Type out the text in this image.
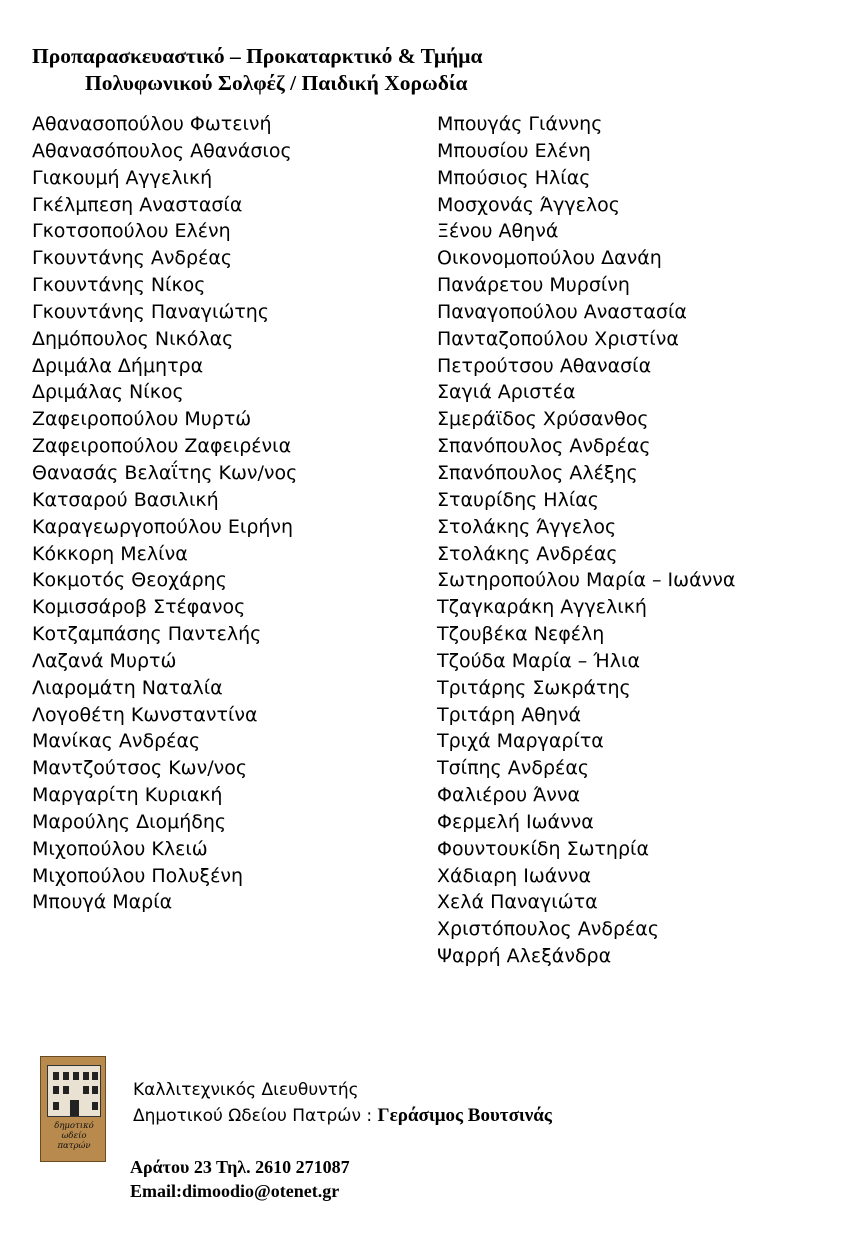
Προπαρασκευαστικό – Προκαταρκτικό & Τμήμα
Πολυφωνικού Σολφέζ / Παιδική Χορωδία
Αθανασοπούλου Φωτεινή
Αθανασόπουλος Αθανάσιος
Γιακουμή Αγγελική
Γκέλμπεση Αναστασία
Γκοτσοπούλου Ελένη
Γκουντάνης Ανδρέας
Γκουντάνης Νίκος
Γκουντάνης Παναγιώτης
Δημόπουλος Νικόλας
Δριμάλα Δήμητρα
Δριμάλας Νίκος
Ζαφειροπούλου Μυρτώ
Ζαφειροπούλου Ζαφειρένια
Θανασάς Βελαΐτης Κων/νος
Κατσαρού Βασιλική
Καραγεωργοπούλου Ειρήνη
Κόκκορη Μελίνα
Κοκμοτός Θεοχάρης
Κομισσάροβ Στέφανος
Κοτζαμπάσης Παντελής
Λαζανά Μυρτώ
Λιαρομάτη Ναταλία
Λογοθέτη Κωνσταντίνα
Μανίκας Ανδρέας
Μαντζούτσος Κων/νος
Μαργαρίτη Κυριακή
Μαρούλης Διομήδης
Μιχοπούλου Κλειώ
Μιχοπούλου Πολυξένη
Μπουγά Μαρία
Μπουγάς Γιάννης
Μπουσίου Ελένη
Μπούσιος Ηλίας
Μοσχονάς Άγγελος
Ξένου Αθηνά
Οικονομοπούλου Δανάη
Πανάρετου Μυρσίνη
Παναγοπούλου Αναστασία
Πανταζοπούλου Χριστίνα
Πετρούτσου Αθανασία
Σαγιά Αριστέα
Σμεράϊδος Χρύσανθος
Σπανόπουλος Ανδρέας
Σπανόπουλος Αλέξης
Σταυρίδης Ηλίας
Στολάκης Άγγελος
Στολάκης Ανδρέας
Σωτηροπούλου Μαρία – Ιωάννα
Τζαγκαράκη Αγγελική
Τζουβέκα Νεφέλη
Τζούδα Μαρία – Ήλια
Τριτάρης Σωκράτης
Τριτάρη Αθηνά
Τριχά Μαργαρίτα
Τσίπης Ανδρέας
Φαλιέρου Άννα
Φερμελή Ιωάννα
Φουντουκίδη Σωτηρία
Χάδιαρη Ιωάννα
Χελά Παναγιώτα
Χριστόπουλος Ανδρέας
Ψαρρή Αλεξάνδρα
δημοτικό ωδείο πατρών
Καλλιτεχνικός Διευθυντής
Δημοτικού Ωδείου Πατρών : Γεράσιμος Βουτσινάς
Αράτου 23 Τηλ. 2610 271087
Email:dimoodio@otenet.gr
